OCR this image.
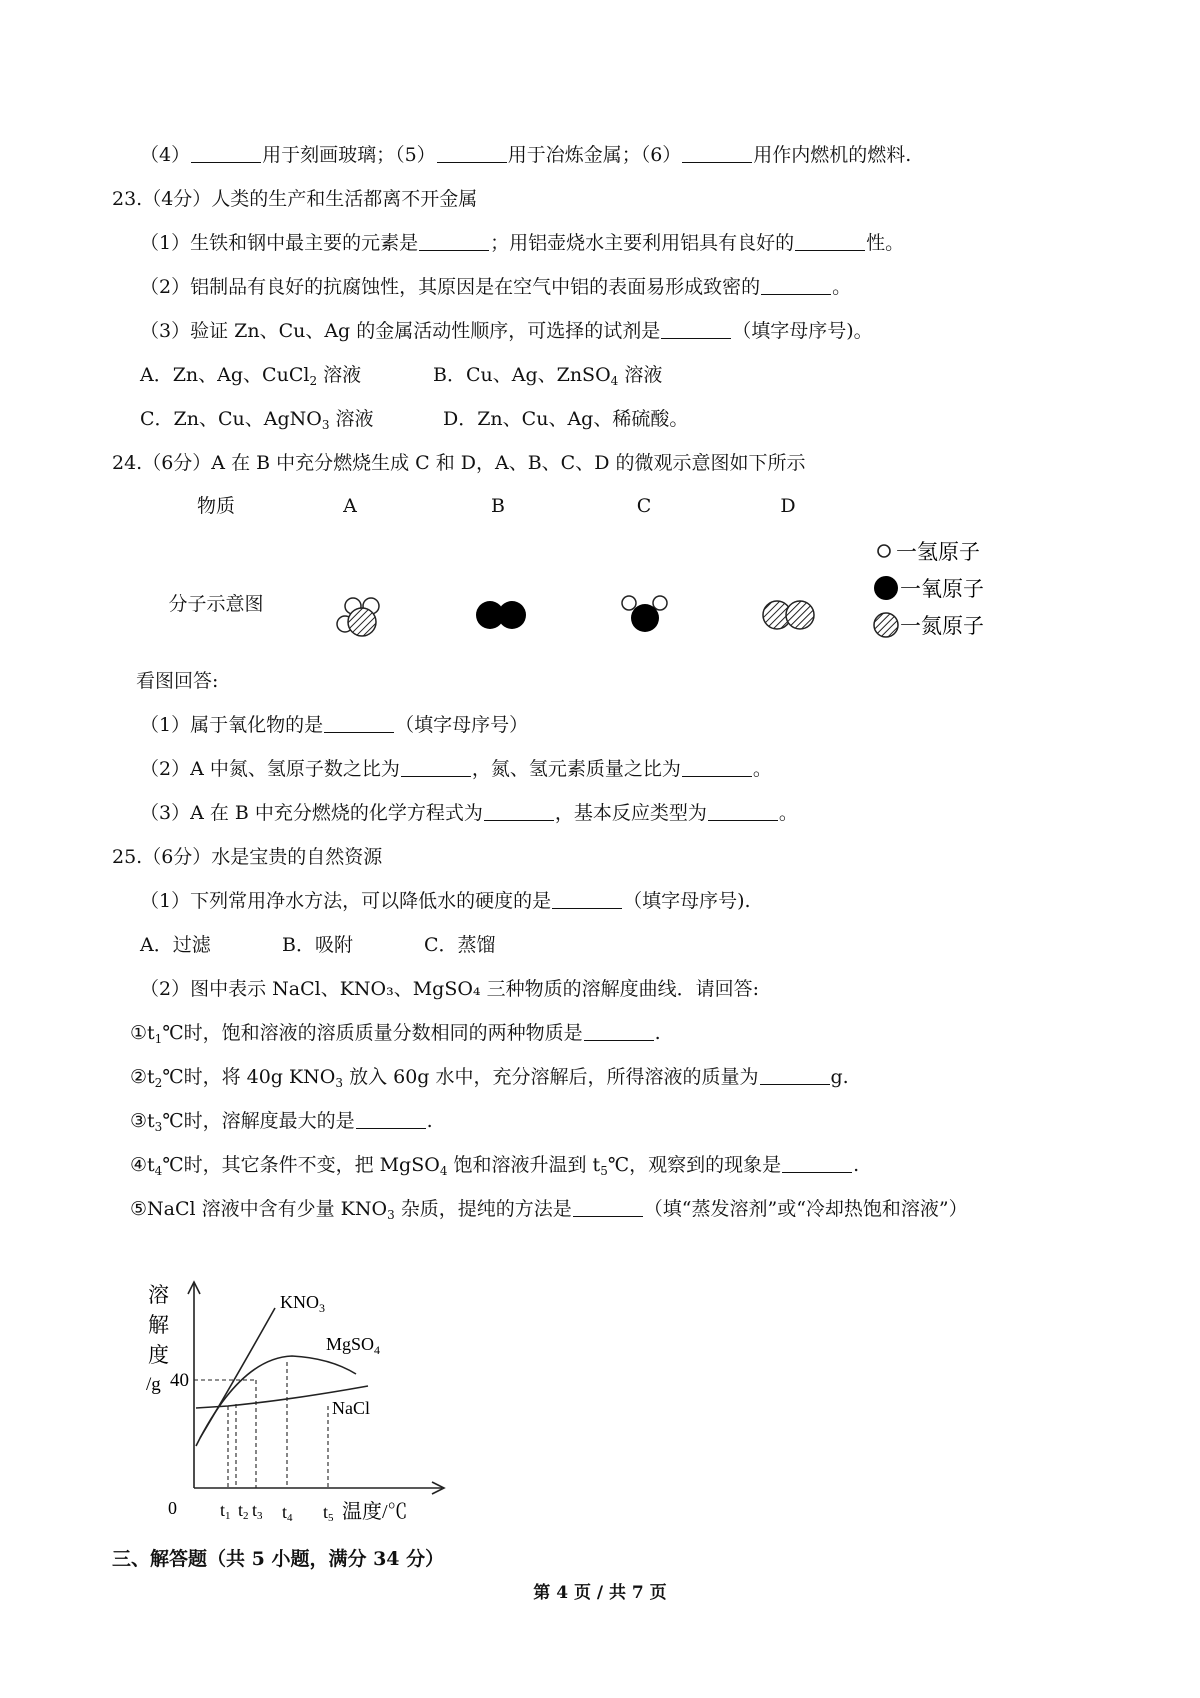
（4）	用于刻画玻璃；（5）	用于冶炼金属；（6）	用作内燃机的燃料.
23.（4分）人类的生产和生活都离不开金属
（1）生铁和钢中最主要的元素是	；用铝壶烧水主要利用铝具有良好的	性。
（2）铝制品有良好的抗腐蚀性，其原因是在空气中铝的表面易形成致密的	。
（3）验证 Zn、Cu、Ag 的金属活动性顺序，可选择的试剂是	（填字母序号)。
A．Zn、Ag、CuCl$_2$ 溶液	B．Cu、Ag、ZnSO$_4$ 溶液
C．Zn、Cu、AgNO$_3$ 溶液	D．Zn、Cu、Ag、稀硫酸。
24.（6分）A 在 B 中充分燃烧生成 C 和 D，A、B、C、D 的微观示意图如下所示
物质	A	B	C	D
分子示意图
一氢原子
一氧原子
一氮原子
看图回答:
（1）属于氧化物的是	（填字母序号）
（2）A 中氮、氢原子数之比为	，氮、氢元素质量之比为	。
（3）A 在 B 中充分燃烧的化学方程式为	，基本反应类型为	。
25.（6分）水是宝贵的自然资源
（1）下列常用净水方法，可以降低水的硬度的是	（填字母序号).
A．过滤	B．吸附	C．蒸馏
（2）图中表示 NaCl、KNO₃、MgSO₄ 三种物质的溶解度曲线．请回答:
$①t_1℃$时，饱和溶液的溶质质量分数相同的两种物质是	.
$②t_2℃$时，将 40g $KNO_3$ 放入 60g 水中，充分溶解后，所得溶液的质量为	g.
$③t_3℃$时，溶解度最大的是	.
$④t_4℃$时，其它条件不变，把 MgSO$_4$ 饱和溶液升温到 $t_5℃$，观察到的现象是	.
⑤NaCl 溶液中含有少量 $KNO_3$ 杂质，提纯的方法是	（填“蒸发溶剂”或“冷却热饱和溶液”）
溶
解
度
/g 40
$KNO_3$
MgSO$_4$
NaCl
0 t1 t2 t3 t4 t5 温度/℃
三、解答题（共 5 小题，满分 34 分）
第 4 页 / 共 7 页
